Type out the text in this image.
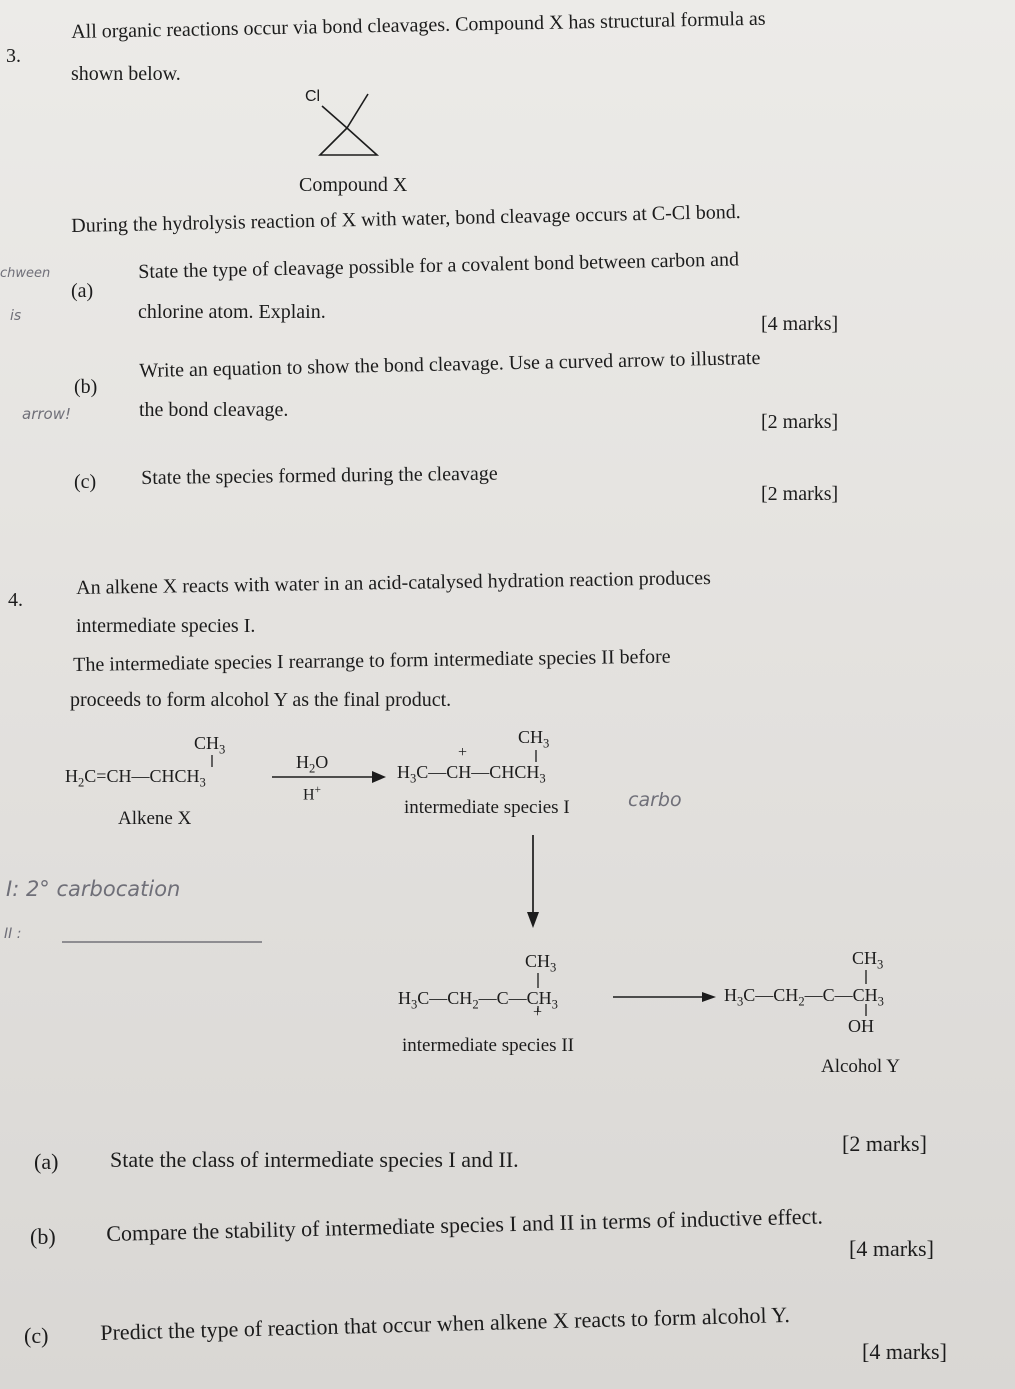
3.
All organic reactions occur via bond cleavages. Compound X has structural formula as
shown below.
Cl
Compound X
During the hydrolysis reaction of X with water, bond cleavage occurs at C-Cl bond.
(a)
State the type of cleavage possible for a covalent bond between carbon and
chlorine atom. Explain.
[4 marks]
(b)
Write an equation to show the bond cleavage. Use a curved arrow to illustrate
the bond cleavage.
[2 marks]
(c) State the species formed during the cleavage
[2 marks]
4.
An alkene X reacts with water in an acid-catalysed hydration reaction produces
intermediate species I.
The intermediate species I rearrange to form intermediate species II before
proceeds to form alcohol Y as the final product.
$CH_3$
$H_2C=CH—CHCH_3$
Alkene X
$H_2O$
H+
$CH_3$
+
$H_3C—CH—CHCH_3$
intermediate species I
$CH_3$
$H_3C—CH_2—C—CH_3$
+
intermediate species II
$CH_3$
$H_3C—CH_2—C—CH_3$
OH
Alcohol Y
(a) State the class of intermediate species I and II.
[2 marks]
(b) Compare the stability of intermediate species I and II in terms of inductive effect.
[4 marks]
(c) Predict the type of reaction that occur when alkene X reacts to form alcohol Y.
[4 marks]
chween
is
arrow!
carbo
I: 2° carbocation
II :
